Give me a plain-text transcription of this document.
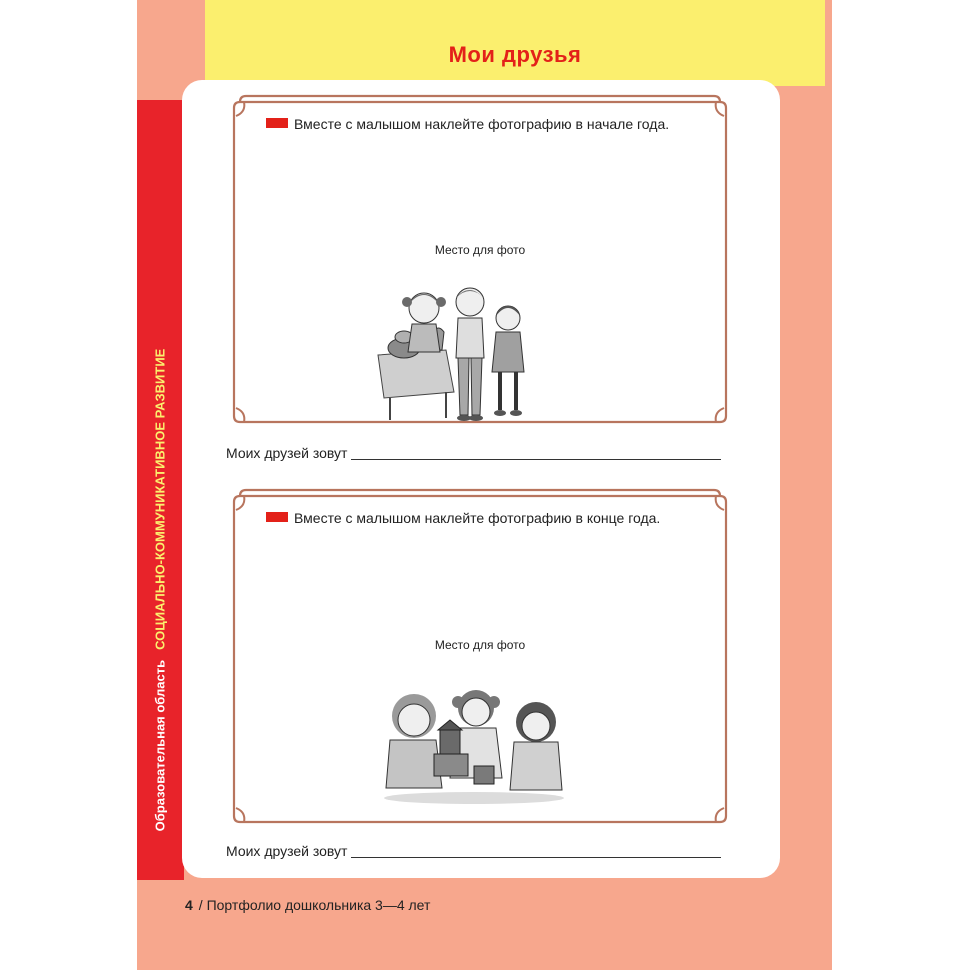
Мои друзья
Образовательная областьСОЦИАЛЬНО-КОММУНИКАТИВНОЕ РАЗВИТИЕ
Вместе с малышом наклейте фотографию в начале года.
Место для фото
Моих друзей зовут
Вместе с малышом наклейте фотографию в конце года.
Место для фото
Моих друзей зовут
4 / Портфолио дошкольника 3—4 лет
